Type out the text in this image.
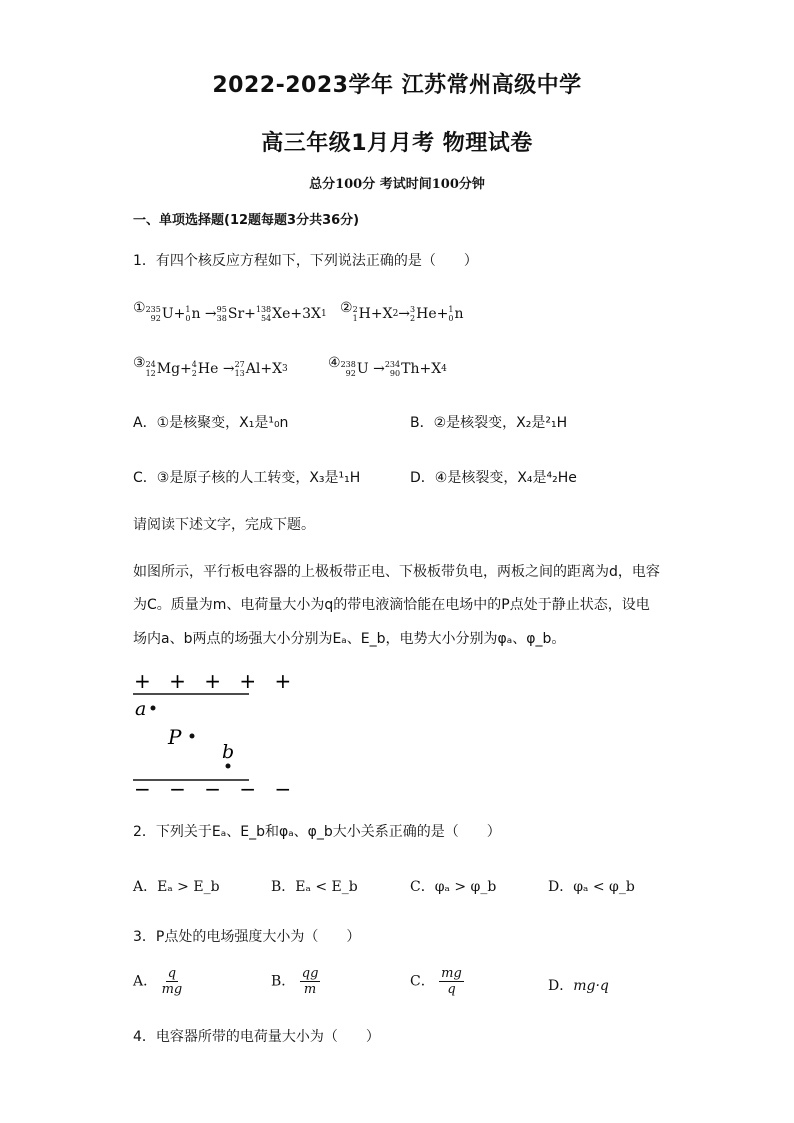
2022-2023学年 江苏常州高级中学
高三年级1月月考 物理试卷
总分100分 考试时间100分钟
一、单项选择题(12题每题3分共36分)
1．有四个核反应方程如下，下列说法正确的是（　　）
① 235
92 U+ 1
0 n → 95
38 Sr+ 138
54 Xe+3X 1 ② 2
1 H+X 2 → 3
2 He+ 1
0 n
③ 24
12 Mg+ 4
2 He → 27
13 Al+X 3	④ 238
92 U → 234
90 Th+X 4
A．①是核聚变，X₁是¹₀n	B．②是核裂变，X₂是²₁H
C．③是原子核的人工转变，X₃是¹₁H	D．④是核裂变，X₄是⁴₂He
请阅读下述文字，完成下题。
如图所示，平行板电容器的上极板带正电、下极板带负电，两板之间的距离为d，电容
为C。质量为m、电荷量大小为q的带电液滴恰能在电场中的P点处于静止状态，设电
场内a、b两点的场强大小分别为Eₐ、E_b，电势大小分别为φₐ、φ_b。
+ + + + +
a
P
b
− − − − −
2．下列关于Eₐ、E_b和φₐ、φ_b大小关系正确的是（　　）
A．Eₐ > E_b	B．Eₐ < E_b	C．φₐ > φ_b	D．φₐ < φ_b
3．P点处的电场强度大小为（　　）
A． $\frac{q}{mg}$	B． $\frac{qg}{m}$	C． $\frac{mg}{q}$	D．mg·q
4．电容器所带的电荷量大小为（　　）
